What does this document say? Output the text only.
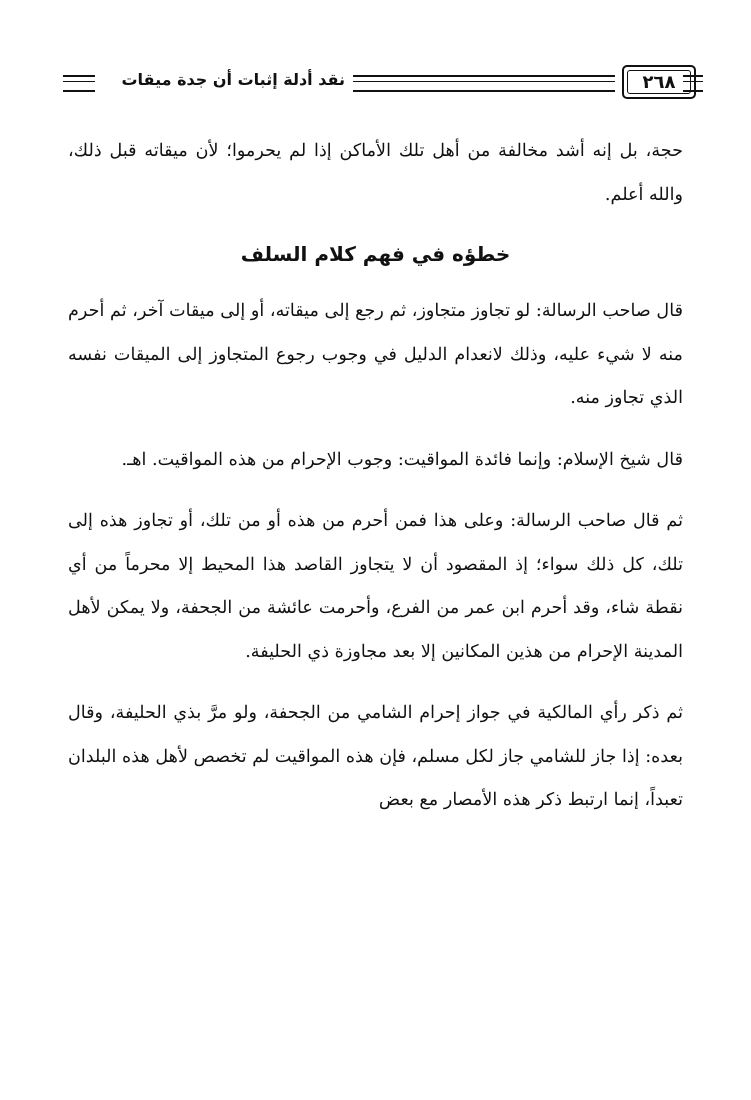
٢٦٨
نقد أدلة إثبات أن جدة ميقات

حجة، بل إنه أشد مخالفة من أهل تلك الأماكن إذا لم يحرموا؛ لأن ميقاته قبل ذلك، والله أعلم.

خطؤه في فهم كلام السلف

قال صاحب الرسالة: لو تجاوز متجاوز، ثم رجع إلى ميقاته، أو إلى ميقات آخر، ثم أحرم منه لا شيء عليه، وذلك لانعدام الدليل في وجوب رجوع المتجاوز إلى الميقات نفسه الذي تجاوز منه.

قال شيخ الإسلام: وإنما فائدة المواقيت: وجوب الإحرام من هذه المواقيت. اهـ.

ثم قال صاحب الرسالة: وعلى هذا فمن أحرم من هذه أو من تلك، أو تجاوز هذه إلى تلك، كل ذلك سواء؛ إذ المقصود أن لا يتجاوز القاصد هذا المحيط إلا محرماً من أي نقطة شاء، وقد أحرم ابن عمر من الفرع، وأحرمت عائشة من الجحفة، ولا يمكن لأهل المدينة الإحرام من هذين المكانين إلا بعد مجاوزة ذي الحليفة.

ثم ذكر رأي المالكية في جواز إحرام الشامي من الجحفة، ولو مرَّ بذي الحليفة، وقال بعده: إذا جاز للشامي جاز لكل مسلم، فإن هذه المواقيت لم تخصص لأهل هذه البلدان تعبداً، إنما ارتبط ذكر هذه الأمصار مع بعض
